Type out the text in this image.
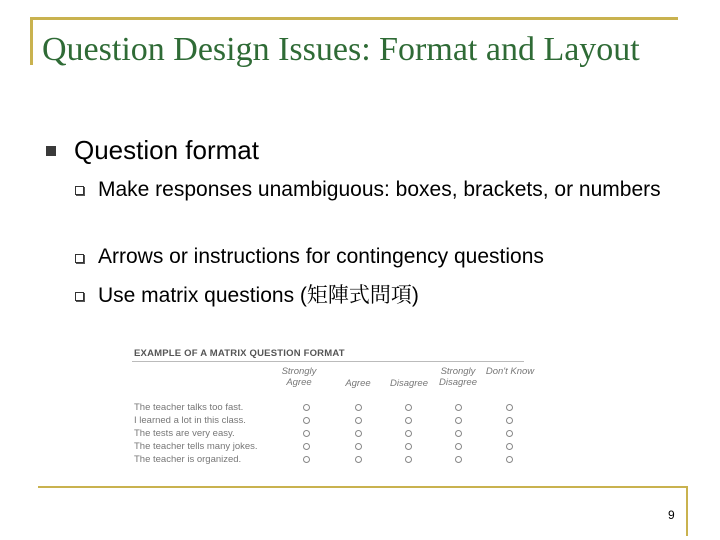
Question Design Issues: Format and Layout
Question format
Make responses unambiguous: boxes, brackets, or numbers
Arrows or instructions for contingency questions
Use matrix questions (矩陣式問項)
EXAMPLE OF A MATRIX QUESTION FORMAT
Strongly Agree	Agree	Disagree
Strongly Disagree
Don't Know
The teacher talks too fast.
I learned a lot in this class.
The tests are very easy.
The teacher tells many jokes.
The teacher is organized.
9
